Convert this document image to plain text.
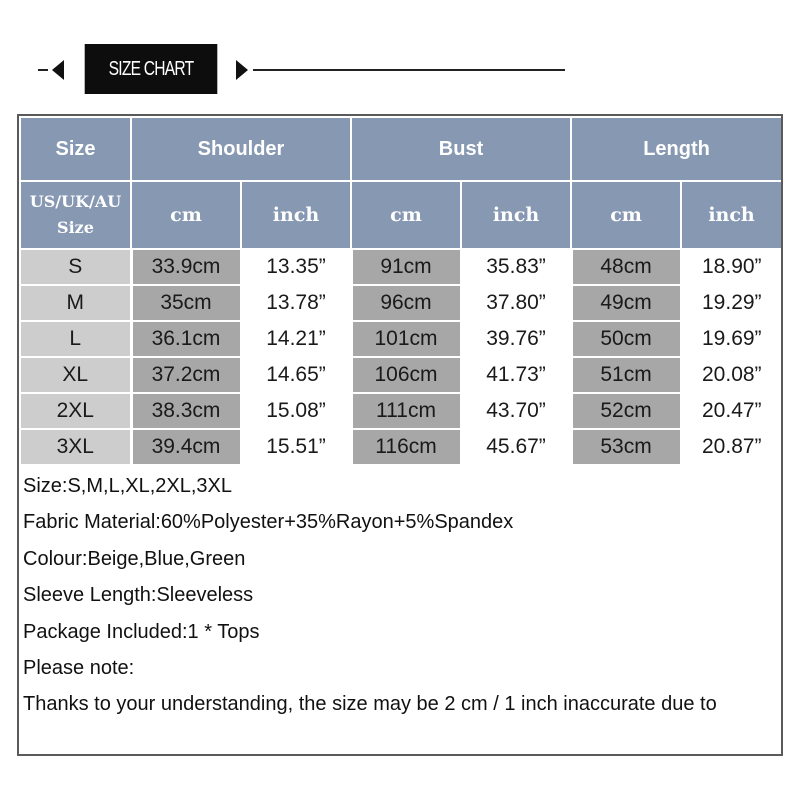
SIZE CHART
Size	Shoulder		Bust		Length	
US/UK/AU
Size	cm	inch	cm	inch	cm	inch
S	33.9cm	13.35”	91cm	35.83”	48cm	18.90”
M	35cm	13.78”	96cm	37.80”	49cm	19.29”
L	36.1cm	14.21”	101cm	39.76”	50cm	19.69”
XL	37.2cm	14.65”	106cm	41.73”	51cm	20.08”
2XL	38.3cm	15.08”	111cm	43.70”	52cm	20.47”
3XL	39.4cm	15.51”	116cm	45.67”	53cm	20.87”
Size:S,M,L,XL,2XL,3XL
Fabric Material:60%Polyester+35%Rayon+5%Spandex
Colour:Beige,Blue,Green
Sleeve Length:Sleeveless
Package Included:1 * Tops
Please note:
Thanks to your understanding, the size may be 2 cm / 1 inch inaccurate due to
